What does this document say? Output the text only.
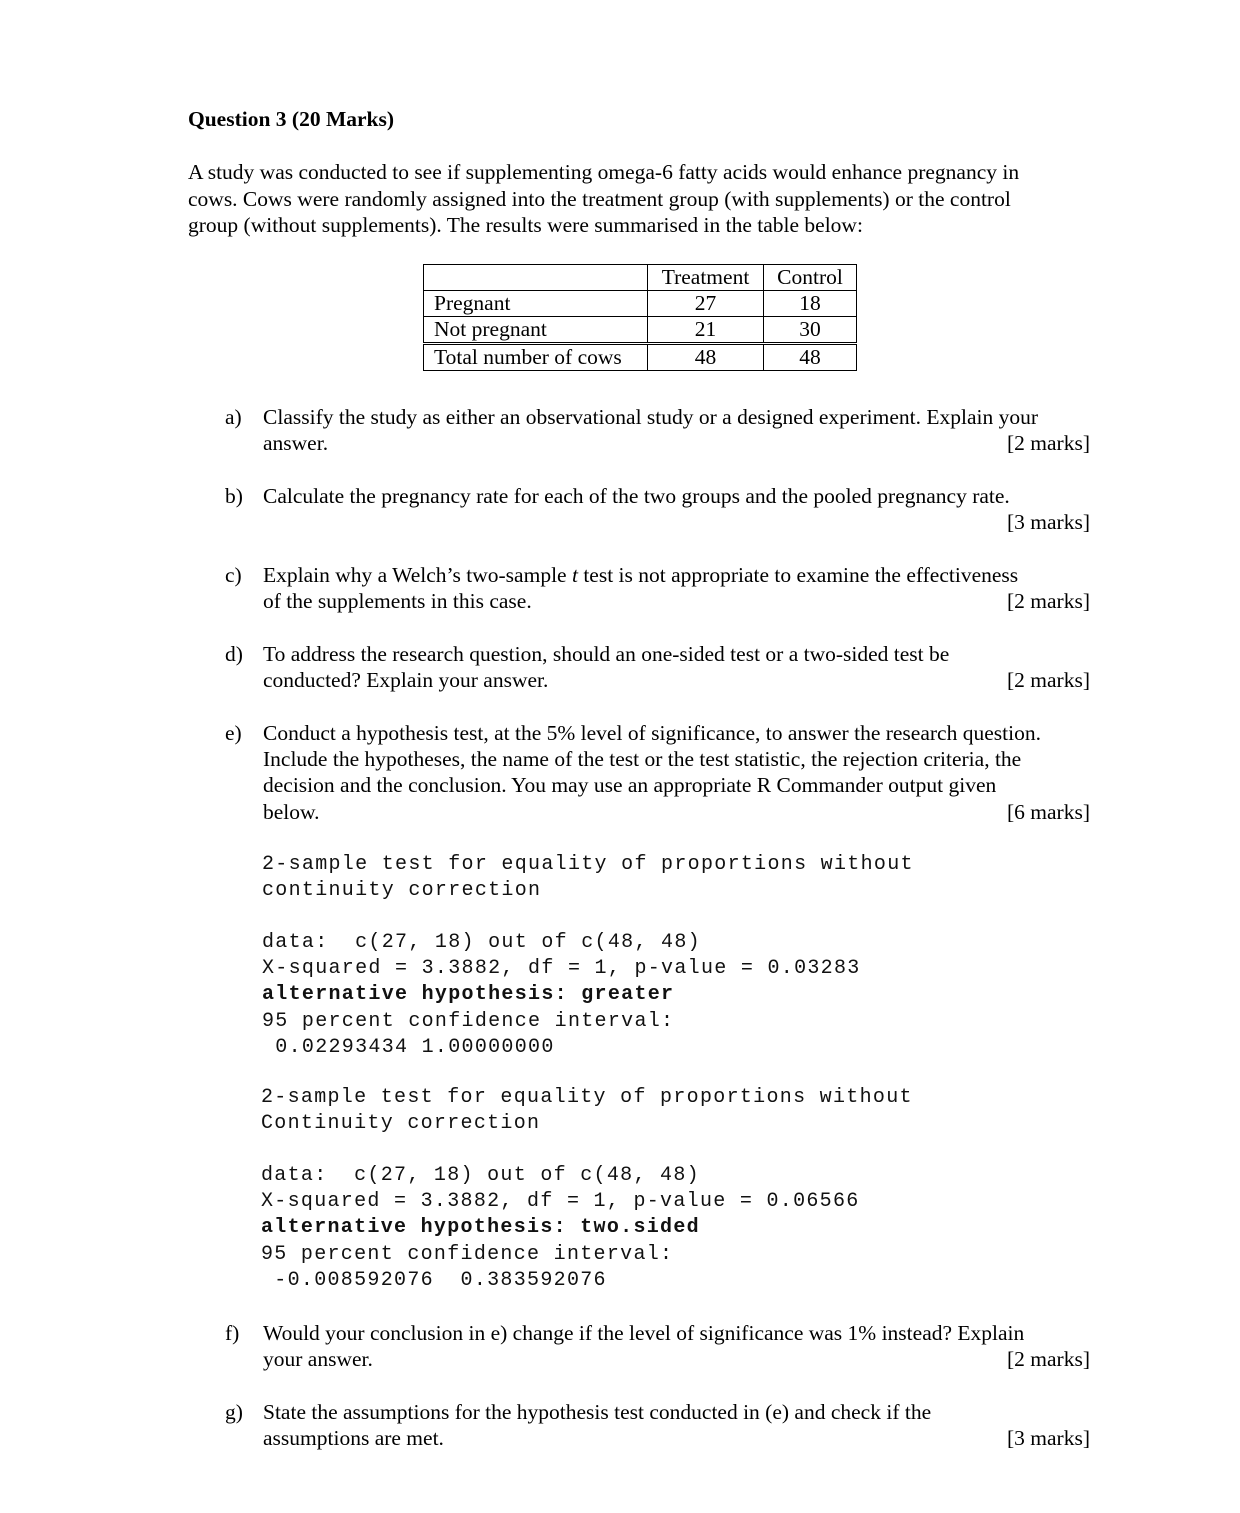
Question 3 (20 Marks)
A study was conducted to see if supplementing omega-6 fatty acids would enhance pregnancy in
cows. Cows were randomly assigned into the treatment group (with supplements) or the control
group (without supplements). The results were summarised in the table below:
	Treatment	Control
Pregnant	27	18
Not pregnant	21	30
Total number of cows	48	48
a) Classify the study as either an observational study or a designed experiment. Explain your
answer.	[2 marks]
b) Calculate the pregnancy rate for each of the two groups and the pooled pregnancy rate.
[3 marks]
c) Explain why a Welch’s two-sample t test is not appropriate to examine the effectiveness
of the supplements in this case.	[2 marks]
d) To address the research question, should an one-sided test or a two-sided test be
conducted? Explain your answer.	[2 marks]
e) Conduct a hypothesis test, at the 5% level of significance, to answer the research question.
Include the hypotheses, the name of the test or the test statistic, the rejection criteria, the
decision and the conclusion. You may use an appropriate R Commander output given
below.	[6 marks]
2-sample test for equality of proportions without
continuity correction

data:  c(27, 18) out of c(48, 48)
X-squared = 3.3882, df = 1, p-value = 0.03283
alternative hypothesis: greater
95 percent confidence interval:
0.02293434 1.00000000
2-sample test for equality of proportions without
Continuity correction

data:  c(27, 18) out of c(48, 48)
X-squared = 3.3882, df = 1, p-value = 0.06566
alternative hypothesis: two.sided
95 percent confidence interval:
-0.008592076  0.383592076
f) Would your conclusion in e) change if the level of significance was 1% instead? Explain
your answer.	[2 marks]
g) State the assumptions for the hypothesis test conducted in (e) and check if the
assumptions are met.	[3 marks]
